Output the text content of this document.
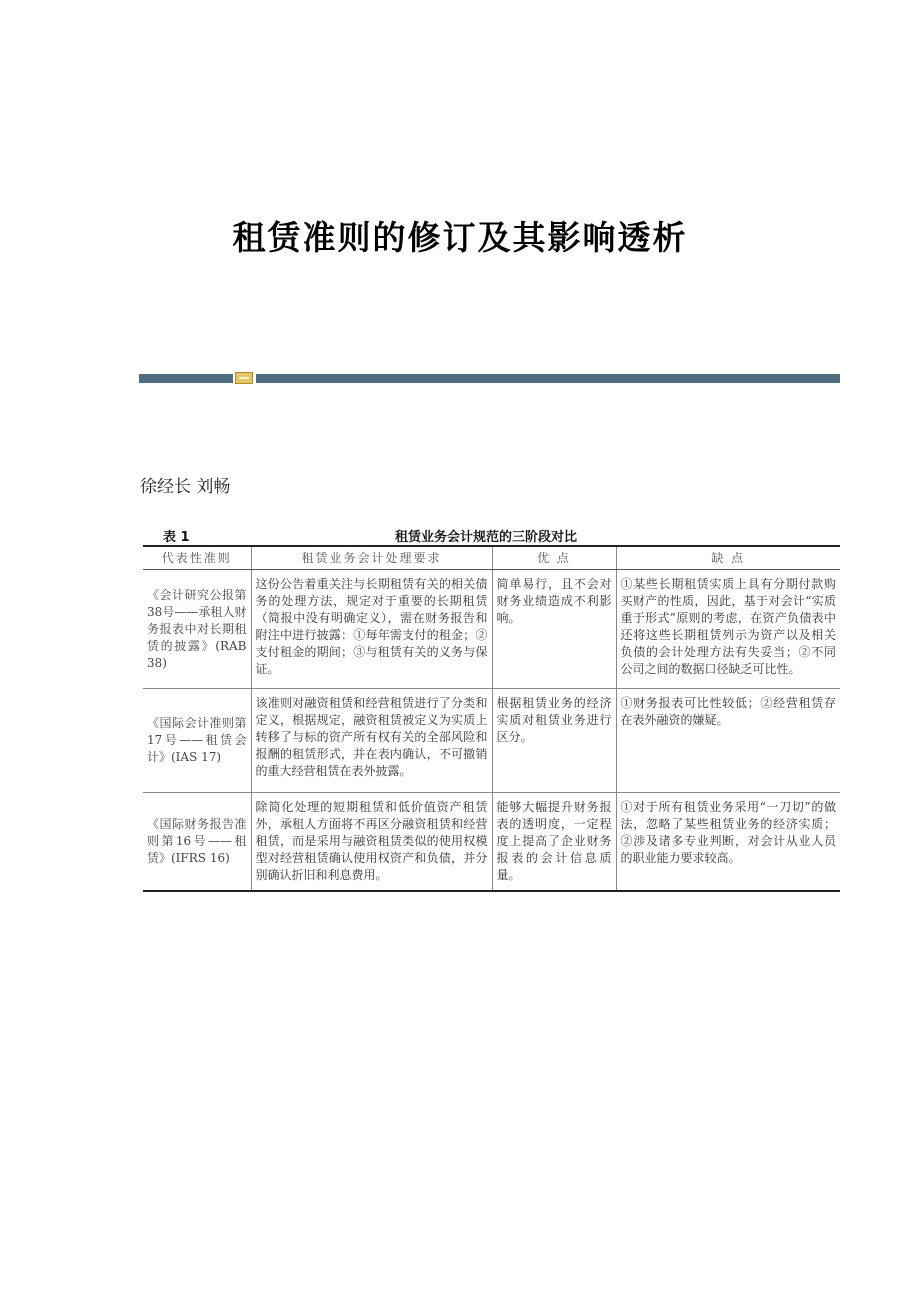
租赁准则的修订及其影响透析
徐经长 刘畅
表 1	租赁业务会计规范的三阶段对比
代表性准则	租赁业务会计处理要求	优 点	缺 点
《会计研究公报第38号——承租人财务报表中对长期租赁的披露》(RAB 38)	这份公告着重关注与长期租赁有关的相关债务的处理方法，规定对于重要的长期租赁（简报中没有明确定义），需在财务报告和附注中进行披露：①每年需支付的租金；②支付租金的期间；③与租赁有关的义务与保证。	简单易行，且不会对财务业绩造成不利影响。	①某些长期租赁实质上具有分期付款购买财产的性质，因此，基于对会计“实质重于形式”原则的考虑，在资产负债表中还将这些长期租赁列示为资产以及相关负债的会计处理方法有失妥当；②不同公司之间的数据口径缺乏可比性。
《国际会计准则第17号——租赁会计》(IAS 17)	该准则对融资租赁和经营租赁进行了分类和定义，根据规定，融资租赁被定义为实质上转移了与标的资产所有权有关的全部风险和报酬的租赁形式，并在表内确认，不可撤销的重大经营租赁在表外披露。	根据租赁业务的经济实质对租赁业务进行区分。	①财务报表可比性较低；②经营租赁存在表外融资的嫌疑。
《国际财务报告准则第16号——租赁》(IFRS 16)	除简化处理的短期租赁和低价值资产租赁外，承租人方面将不再区分融资租赁和经营租赁，而是采用与融资租赁类似的使用权模型对经营租赁确认使用权资产和负债，并分别确认折旧和利息费用。	能够大幅提升财务报表的透明度，一定程度上提高了企业财务报表的会计信息质量。	①对于所有租赁业务采用“一刀切”的做法，忽略了某些租赁业务的经济实质；②涉及诸多专业判断，对会计从业人员的职业能力要求较高。
